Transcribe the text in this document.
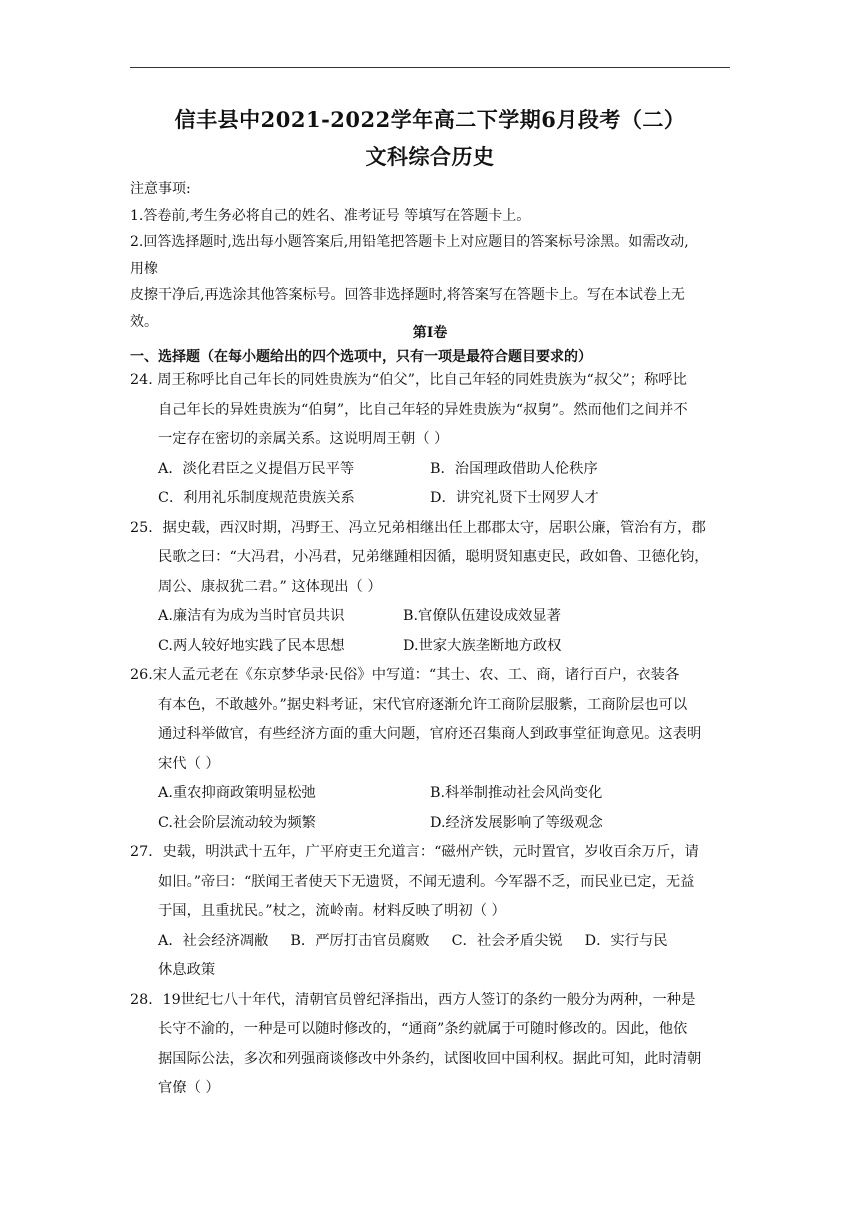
信丰县中2021-2022学年高二下学期6月段考（二）
文科综合历史
注意事项:
1.答卷前,考生务必将自己的姓名、准考证号 等填写在答题卡上。
2.回答选择题时,选出每小题答案后,用铅笔把答题卡上对应题目的答案标号涂黑。如需改动,
用橡
皮擦干净后,再选涂其他答案标号。回答非选择题时,将答案写在答题卡上。写在本试卷上无
效。
第I卷
一、选择题（在每小题给出的四个选项中，只有一项是最符合题目要求的）
24. 周王称呼比自己年长的同姓贵族为“伯父”，比自己年轻的同姓贵族为“叔父”；称呼比
自己年长的异姓贵族为“伯舅”，比自己年轻的异姓贵族为“叔舅”。然而他们之间并不
一定存在密切的亲属关系。这说明周王朝（ ）
A．淡化君臣之义提倡万民平等	B．治国理政借助人伦秩序
C．利用礼乐制度规范贵族关系	D．讲究礼贤下士网罗人才
25．据史载，西汉时期，冯野王、冯立兄弟相继出任上郡郡太守，居职公廉，管治有方，郡
民歌之曰：“大冯君，小冯君，兄弟继踵相因循，聪明贤知惠吏民，政如鲁、卫德化钧，
周公、康叔犹二君。” 这体现出（ ）
A.廉洁有为成为当时官员共识	B.官僚队伍建设成效显著
C.两人较好地实践了民本思想	D.世家大族垄断地方政权
26.宋人孟元老在《东京梦华录·民俗》中写道：“其士、农、工、商，诸行百户，衣装各
有本色，不敢越外。”据史料考证，宋代官府逐渐允许工商阶层服紫，工商阶层也可以
通过科举做官，有些经济方面的重大问题，官府还召集商人到政事堂征询意见。这表明
宋代（ ）
A.重农抑商政策明显松弛	B.科举制推动社会风尚变化
C.社会阶层流动较为频繁	D.经济发展影响了等级观念
27．史载，明洪武十五年，广平府吏王允道言：“磁州产铁，元时置官，岁收百余万斤，请
如旧。”帝曰：“朕闻王者使天下无遗贤，不闻无遗利。今军器不乏，而民业已定，无益
于国，且重扰民。”杖之，流岭南。材料反映了明初（ ）
A．社会经济凋敝 B．严厉打击官员腐败 C．社会矛盾尖锐 D．实行与民
休息政策
28．19世纪七八十年代，清朝官员曾纪泽指出，西方人签订的条约一般分为两种，一种是
长守不渝的，一种是可以随时修改的，“通商”条约就属于可随时修改的。因此，他依
据国际公法，多次和列强商谈修改中外条约，试图收回中国利权。据此可知，此时清朝
官僚（ ）
